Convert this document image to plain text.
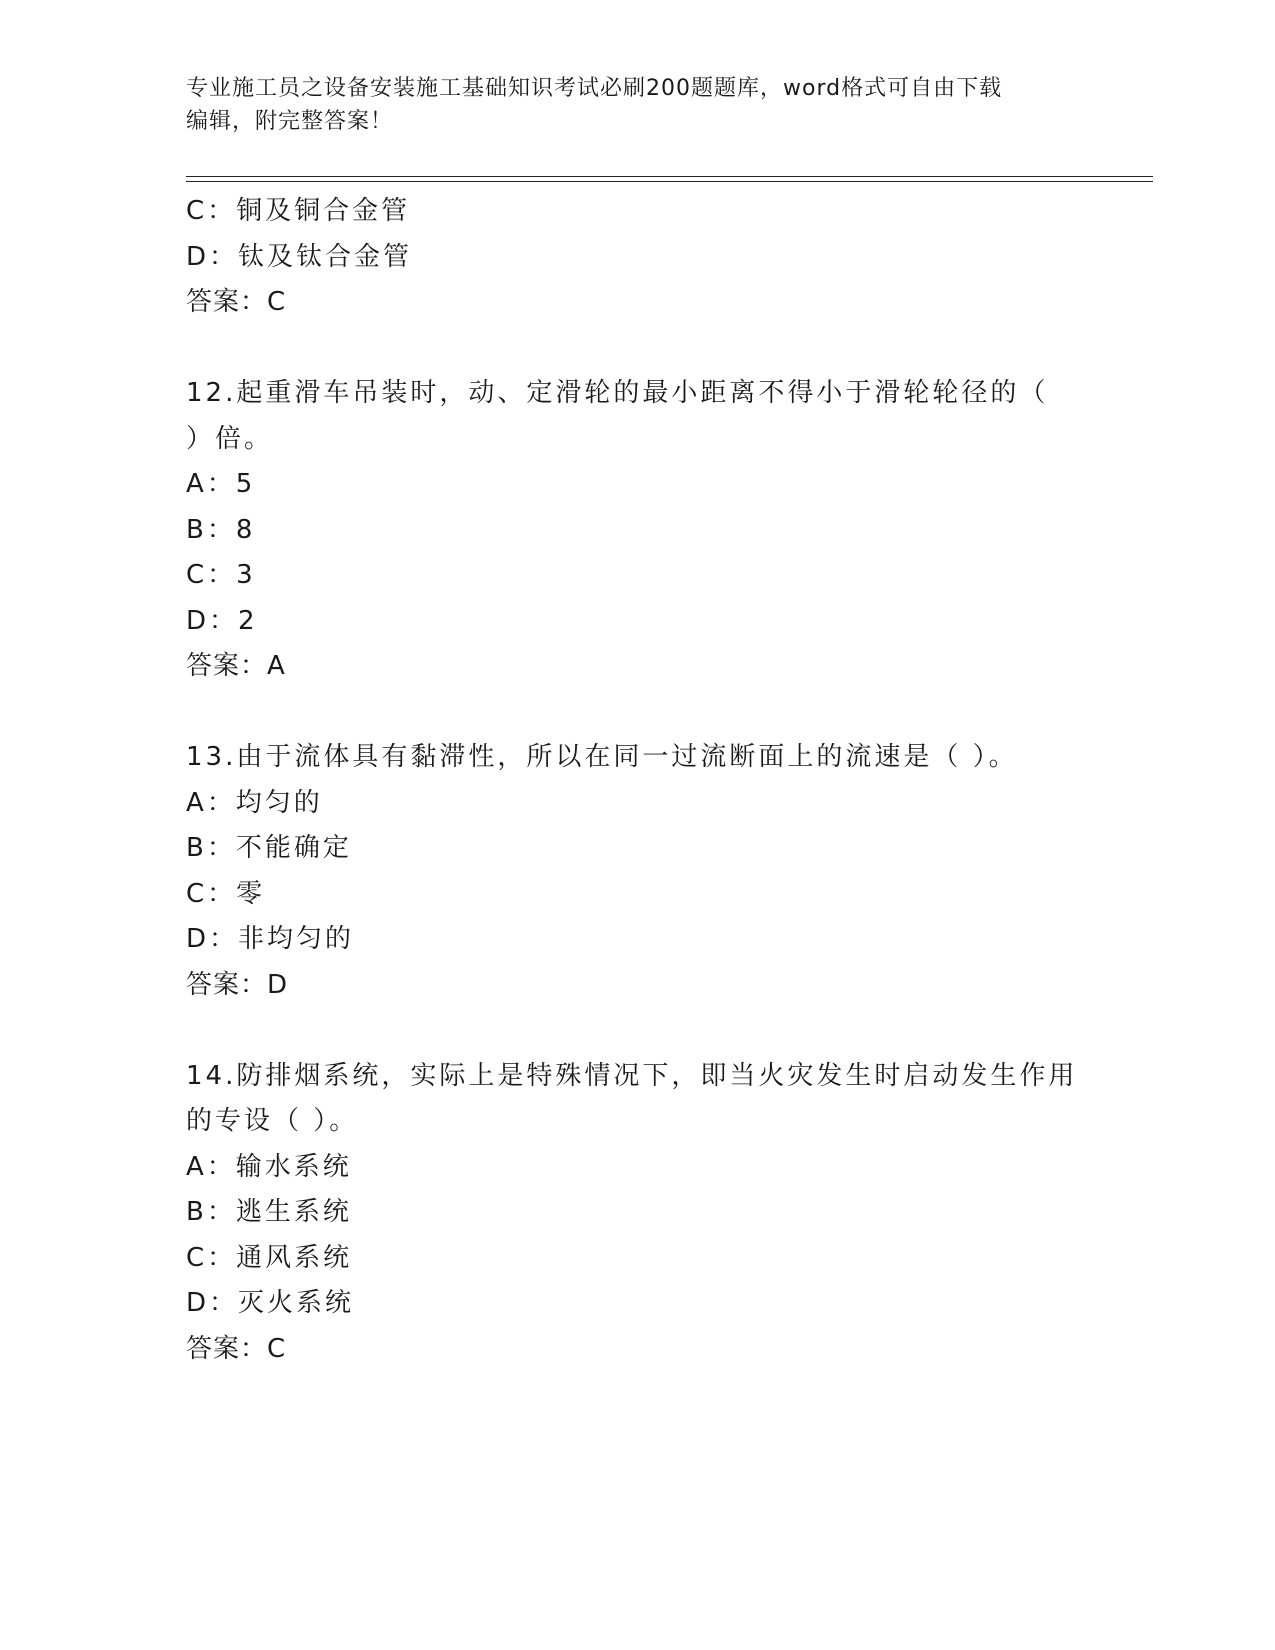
专业施工员之设备安装施工基础知识考试必刷200题题库，word格式可自由下载
编辑，附完整答案！
C：铜及铜合金管
D：钛及钛合金管
答案：C
12.起重滑车吊装时，动、定滑轮的最小距离不得小于滑轮轮径的（
）倍。
A：5
B：8
C：3
D：2
答案：A
13.由于流体具有黏滞性，所以在同一过流断面上的流速是（ ）。
A：均匀的
B：不能确定
C：零
D：非均匀的
答案：D
14.防排烟系统，实际上是特殊情况下，即当火灾发生时启动发生作用
的专设（ ）。
A：输水系统
B：逃生系统
C：通风系统
D：灭火系统
答案：C
